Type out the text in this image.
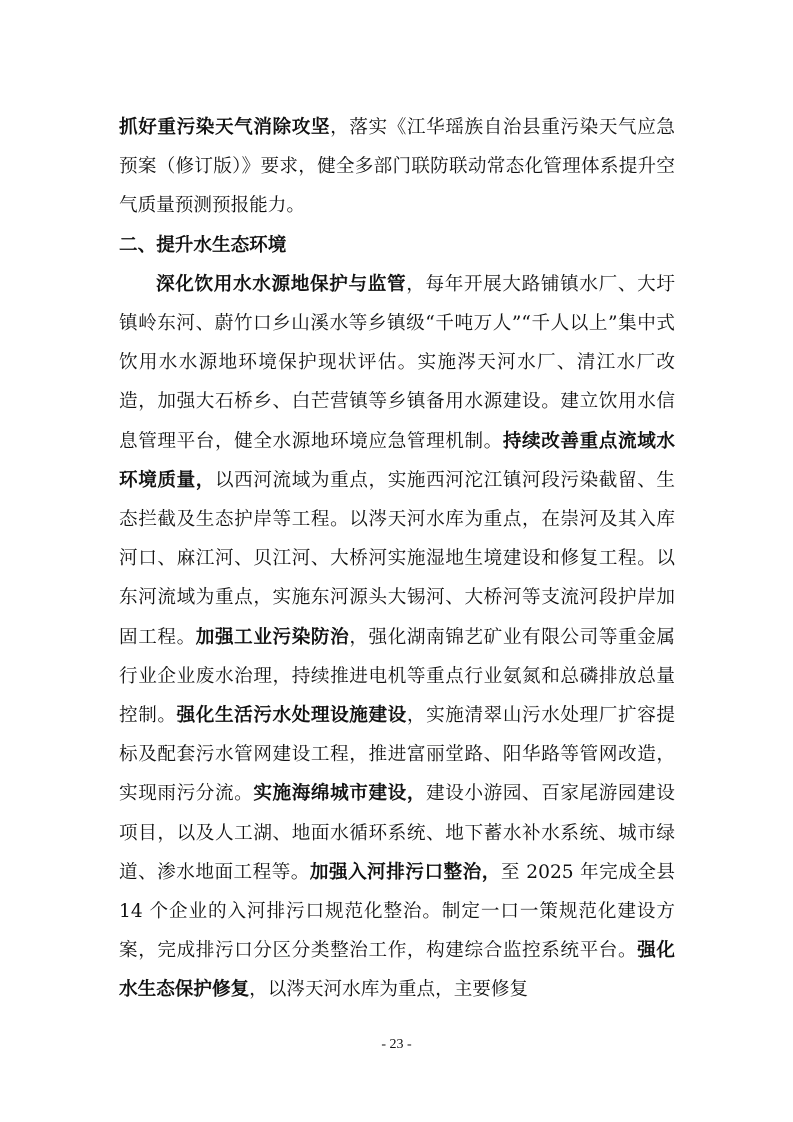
抓好重污染天气消除攻坚，落实《江华瑶族自治县重污染天气应急预案（修订版）》要求，健全多部门联防联动常态化管理体系提升空气质量预测预报能力。

二、提升水生态环境

深化饮用水水源地保护与监管，每年开展大路铺镇水厂、大圩镇岭东河、蔚竹口乡山溪水等乡镇级“千吨万人”“千人以上”集中式饮用水水源地环境保护现状评估。实施涔天河水厂、清江水厂改造，加强大石桥乡、白芒营镇等乡镇备用水源建设。建立饮用水信息管理平台，健全水源地环境应急管理机制。持续改善重点流域水环境质量，以西河流域为重点，实施西河沱江镇河段污染截留、生态拦截及生态护岸等工程。以涔天河水库为重点，在崇河及其入库河口、麻江河、贝江河、大桥河实施湿地生境建设和修复工程。以东河流域为重点，实施东河源头大锡河、大桥河等支流河段护岸加固工程。加强工业污染防治，强化湖南锦艺矿业有限公司等重金属行业企业废水治理，持续推进电机等重点行业氨氮和总磷排放总量控制。强化生活污水处理设施建设，实施清翠山污水处理厂扩容提标及配套污水管网建设工程，推进富丽堂路、阳华路等管网改造，实现雨污分流。实施海绵城市建设，建设小游园、百家尾游园建设项目，以及人工湖、地面水循环系统、地下蓄水补水系统、城市绿道、渗水地面工程等。加强入河排污口整治，至 2025 年完成全县 14 个企业的入河排污口规范化整治。制定一口一策规范化建设方案，完成排污口分区分类整治工作，构建综合监控系统平台。强化水生态保护修复，以涔天河水库为重点，主要修复

- 23 -
